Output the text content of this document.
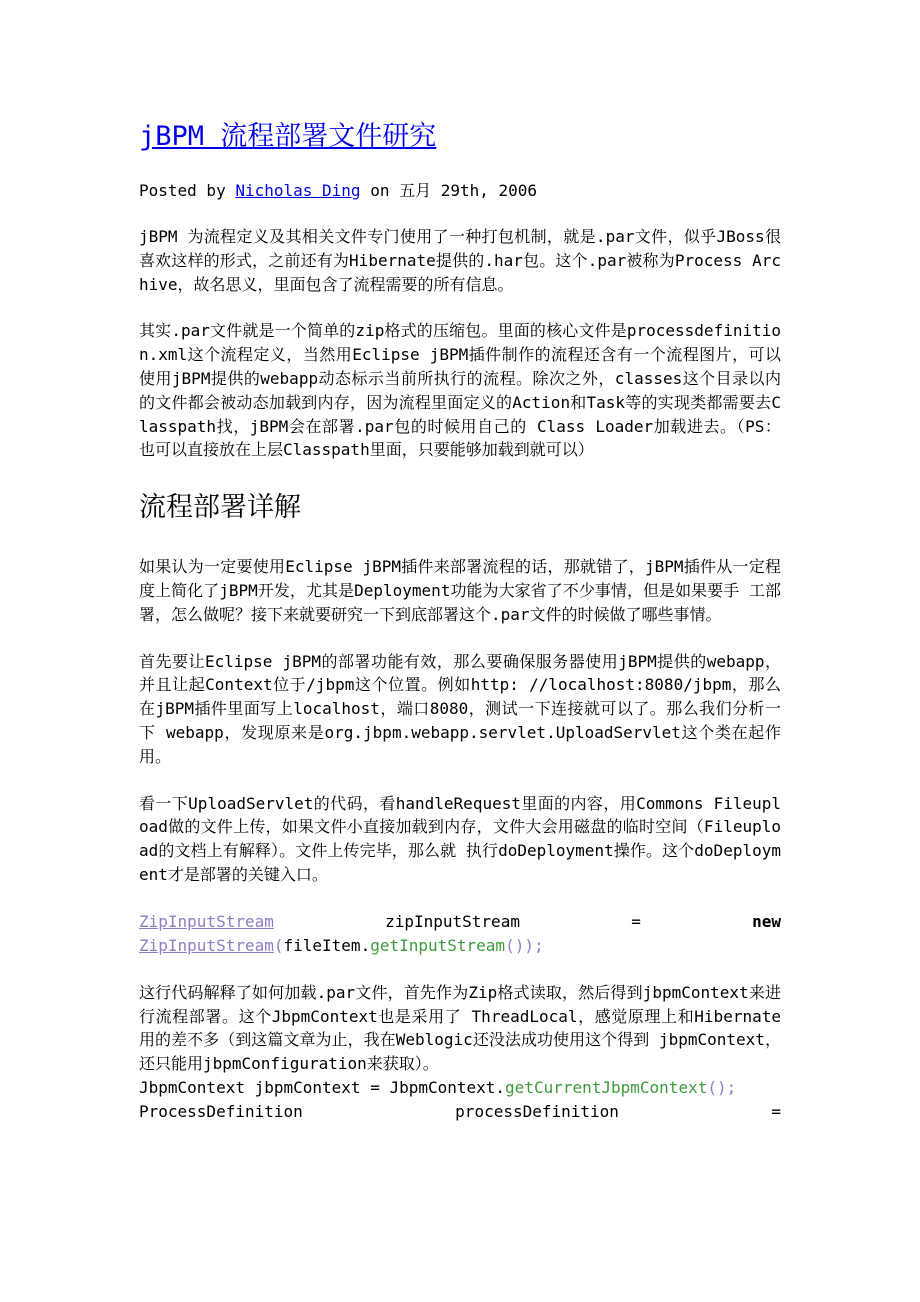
jBPM 流程部署文件研究
Posted by Nicholas Ding on 五月 29th, 2006

jBPM 为流程定义及其相关文件专门使用了一种打包机制，就是.par文件，似乎JBoss很喜欢这样的形式，之前还有为Hibernate提供的.har包。这个.par被称为Process Archive，故名思义，里面包含了流程需要的所有信息。

其实.par文件就是一个简单的zip格式的压缩包。里面的核心文件是processdefinition.xml这个流程定义，当然用Eclipse jBPM插件制作的流程还含有一个流程图片，可以使用jBPM提供的webapp动态标示当前所执行的流程。除次之外，classes这个目录以内的文件都会被动态加载到内存，因为流程里面定义的Action和Task等的实现类都需要去Classpath找，jBPM会在部署.par包的时候用自己的 Class Loader加载进去。（PS：也可以直接放在上层Classpath里面，只要能够加载到就可以）

流程部署详解

如果认为一定要使用Eclipse jBPM插件来部署流程的话，那就错了，jBPM插件从一定程度上简化了jBPM开发，尤其是Deployment功能为大家省了不少事情，但是如果要手 工部署，怎么做呢？接下来就要研究一下到底部署这个.par文件的时候做了哪些事情。

首先要让Eclipse jBPM的部署功能有效，那么要确保服务器使用jBPM提供的webapp，并且让起Context位于/jbpm这个位置。例如http: //localhost:8080/jbpm，那么在jBPM插件里面写上localhost，端口8080，测试一下连接就可以了。那么我们分析一下 webapp，发现原来是org.jbpm.webapp.servlet.UploadServlet这个类在起作用。

看一下UploadServlet的代码，看handleRequest里面的内容，用Commons Fileupload做的文件上传，如果文件小直接加载到内存，文件大会用磁盘的临时空间（Fileupload的文档上有解释）。文件上传完毕，那么就 执行doDeployment操作。这个doDeployment才是部署的关键入口。

ZipInputStream	zipInputStream	=	new
ZipInputStream(fileItem.getInputStream());

这行代码解释了如何加载.par文件，首先作为Zip格式读取，然后得到jbpmContext来进行流程部署。这个JbpmContext也是采用了 ThreadLocal，感觉原理上和Hibernate用的差不多（到这篇文章为止，我在Weblogic还没法成功使用这个得到 jbpmContext，还只能用jbpmConfiguration来获取）。

JbpmContext jbpmContext = JbpmContext.getCurrentJbpmContext();
ProcessDefinition	processDefinition	=
